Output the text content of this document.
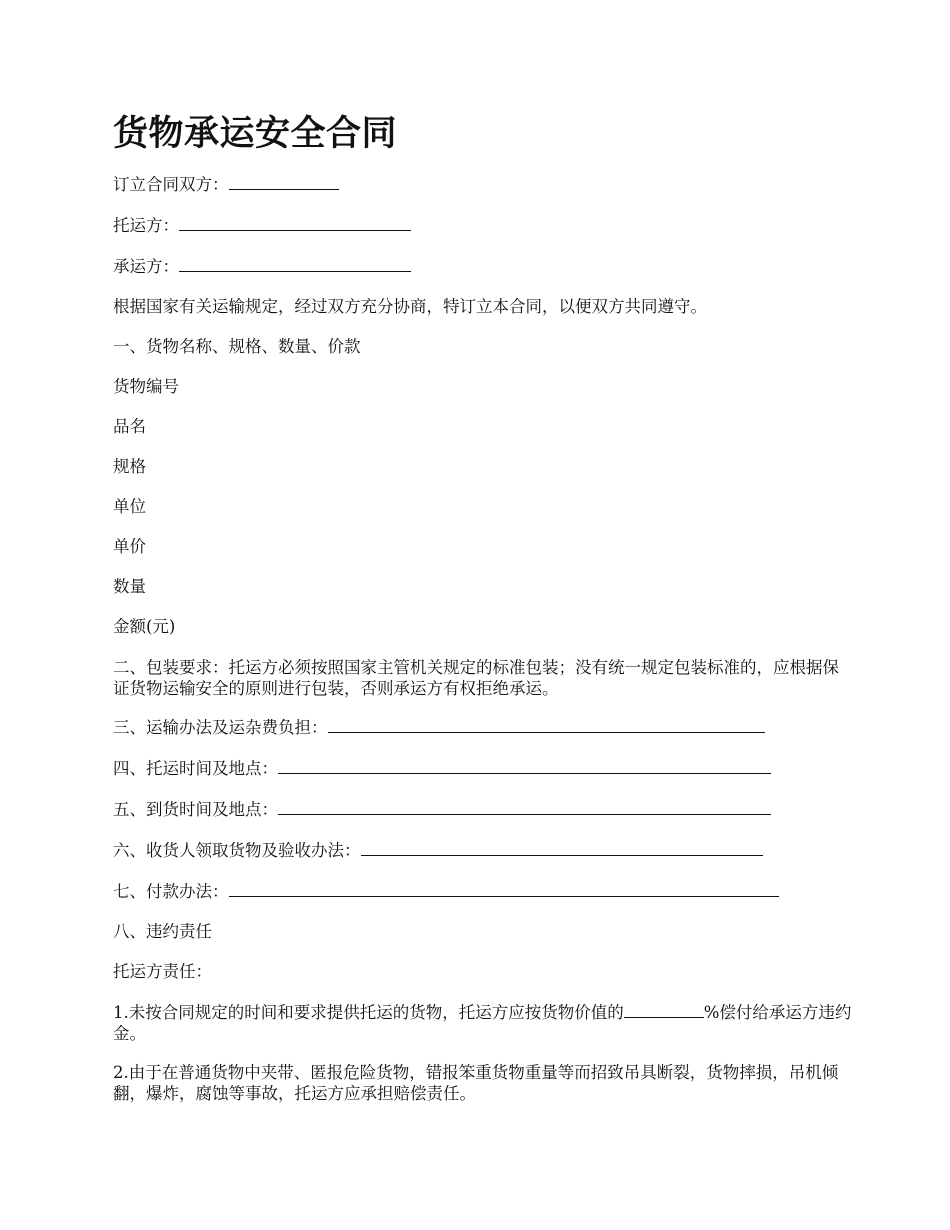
货物承运安全合同

订立合同双方：

托运方：

承运方：

根据国家有关运输规定，经过双方充分协商，特订立本合同，以便双方共同遵守。

一、货物名称、规格、数量、价款

货物编号

品名

规格

单位

单价

数量

金额(元)

二、包装要求：托运方必须按照国家主管机关规定的标准包装；没有统一规定包装标准的，应根据保证货物运输安全的原则进行包装，否则承运方有权拒绝承运。

三、运输办法及运杂费负担：

四、托运时间及地点：

五、到货时间及地点：

六、收货人领取货物及验收办法：

七、付款办法：

八、违约责任

托运方责任：

1.未按合同规定的时间和要求提供托运的货物，托运方应按货物价值的	%偿付给承运方违约金。

2.由于在普通货物中夹带、匿报危险货物，错报笨重货物重量等而招致吊具断裂，货物摔损，吊机倾翻，爆炸，腐蚀等事故，托运方应承担赔偿责任。
